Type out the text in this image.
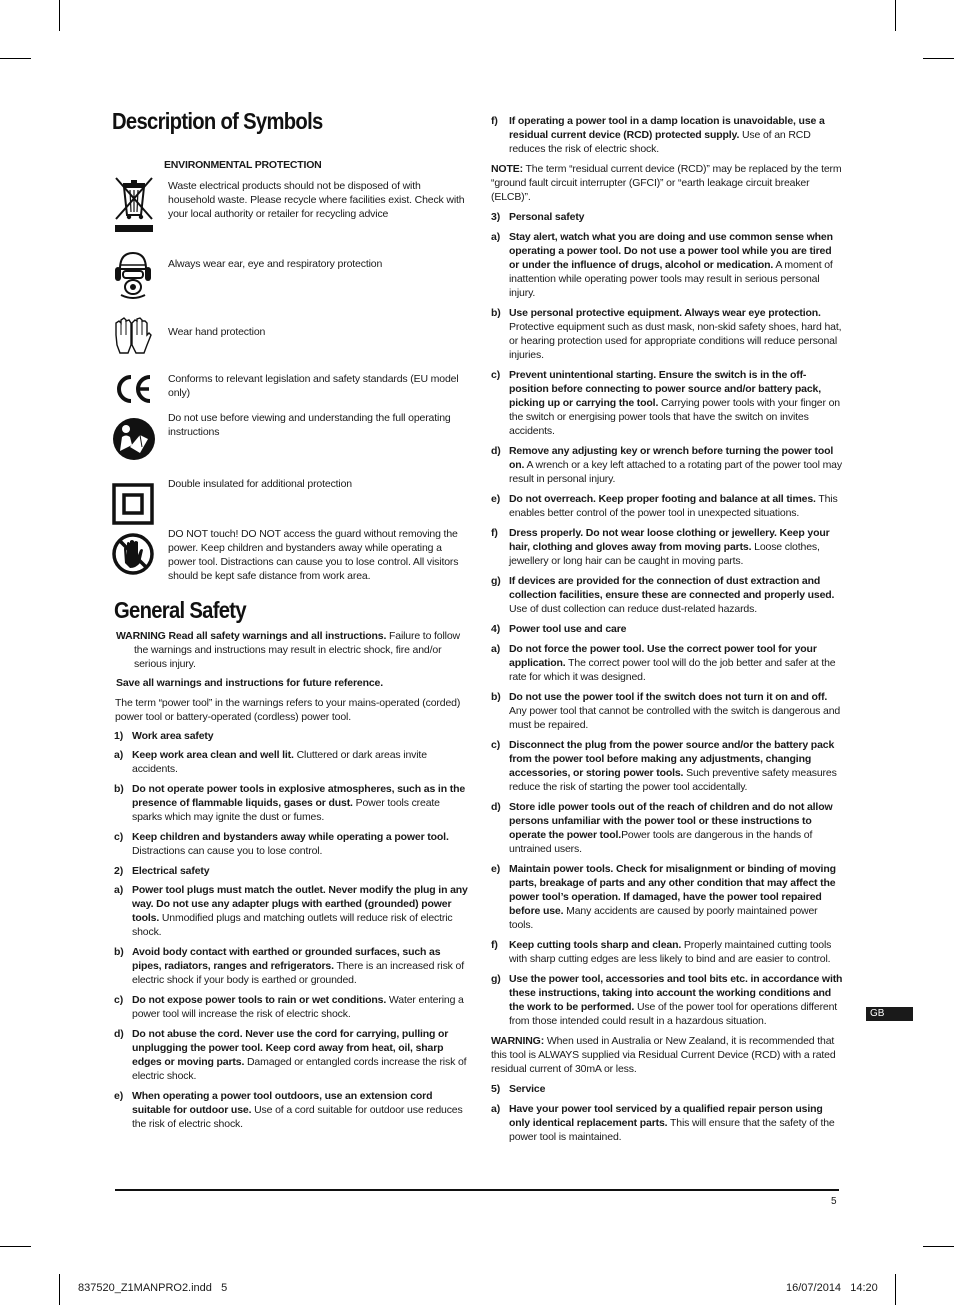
Description of Symbols
ENVIRONMENTAL PROTECTION
Waste electrical products should not be disposed of with household waste. Please recycle where facilities exist. Check with your local authority or retailer for recycling advice
Always wear ear, eye and respiratory protection
Wear hand protection
Conforms to relevant legislation and safety standards (EU model only)
Do not use before viewing and understanding the full operating instructions
Double insulated for additional protection
DO NOT touch! DO NOT access the guard without removing the power. Keep children and bystanders away while operating a power tool. Distractions can cause you to lose control. All visitors should be kept safe distance from work area.
General Safety

WARNING Read all safety warnings and all instructions. Failure to follow the warnings and instructions may result in electric shock, fire and/or serious injury.

Save all warnings and instructions for future reference.

The term “power tool” in the warnings refers to your mains-operated (corded) power tool or battery-operated (cordless) power tool.

1) Work area safety

a) Keep work area clean and well lit. Cluttered or dark areas invite accidents.

b) Do not operate power tools in explosive atmospheres, such as in the presence of flammable liquids, gases or dust. Power tools create sparks which may ignite the dust or fumes.

c) Keep children and bystanders away while operating a power tool. Distractions can cause you to lose control.

2) Electrical safety

a) Power tool plugs must match the outlet. Never modify the plug in any way. Do not use any adapter plugs with earthed (grounded) power tools. Unmodified plugs and matching outlets will reduce risk of electric shock.

b) Avoid body contact with earthed or grounded surfaces, such as pipes, radiators, ranges and refrigerators. There is an increased risk of electric shock if your body is earthed or grounded.

c) Do not expose power tools to rain or wet conditions. Water entering a power tool will increase the risk of electric shock.

d) Do not abuse the cord. Never use the cord for carrying, pulling or unplugging the power tool. Keep cord away from heat, oil, sharp edges or moving parts. Damaged or entangled cords increase the risk of electric shock.

e) When operating a power tool outdoors, use an extension cord suitable for outdoor use. Use of a cord suitable for outdoor use reduces the risk of electric shock.

f) If operating a power tool in a damp location is unavoidable, use a residual current device (RCD) protected supply. Use of an RCD reduces the risk of electric shock.

NOTE: The term “residual current device (RCD)” may be replaced by the term “ground fault circuit interrupter (GFCI)” or “earth leakage circuit breaker (ELCB)”.

3) Personal safety

a) Stay alert, watch what you are doing and use common sense when operating a power tool. Do not use a power tool while you are tired or under the influence of drugs, alcohol or medication. A moment of inattention while operating power tools may result in serious personal injury.

b) Use personal protective equipment. Always wear eye protection. Protective equipment such as dust mask, non-skid safety shoes, hard hat, or hearing protection used for appropriate conditions will reduce personal injuries.

c) Prevent unintentional starting. Ensure the switch is in the off-position before connecting to power source and/or battery pack, picking up or carrying the tool. Carrying power tools with your finger on the switch or energising power tools that have the switch on invites accidents.

d) Remove any adjusting key or wrench before turning the power tool on. A wrench or a key left attached to a rotating part of the power tool may result in personal injury.

e) Do not overreach. Keep proper footing and balance at all times. This enables better control of the power tool in unexpected situations.

f) Dress properly. Do not wear loose clothing or jewellery. Keep your hair, clothing and gloves away from moving parts. Loose clothes, jewellery or long hair can be caught in moving parts.

g) If devices are provided for the connection of dust extraction and collection facilities, ensure these are connected and properly used. Use of dust collection can reduce dust-related hazards.

4) Power tool use and care

a) Do not force the power tool. Use the correct power tool for your application. The correct power tool will do the job better and safer at the rate for which it was designed.

b) Do not use the power tool if the switch does not turn it on and off. Any power tool that cannot be controlled with the switch is dangerous and must be repaired.

c) Disconnect the plug from the power source and/or the battery pack from the power tool before making any adjustments, changing accessories, or storing power tools. Such preventive safety measures reduce the risk of starting the power tool accidentally.

d) Store idle power tools out of the reach of children and do not allow persons unfamiliar with the power tool or these instructions to operate the power tool.Power tools are dangerous in the hands of untrained users.

e) Maintain power tools. Check for misalignment or binding of moving parts, breakage of parts and any other condition that may affect the power tool’s operation. If damaged, have the power tool repaired before use. Many accidents are caused by poorly maintained power tools.

f) Keep cutting tools sharp and clean. Properly maintained cutting tools with sharp cutting edges are less likely to bind and are easier to control.

g) Use the power tool, accessories and tool bits etc. in accordance with these instructions, taking into account the working conditions and the work to be performed. Use of the power tool for operations different from those intended could result in a hazardous situation.

WARNING: When used in Australia or New Zealand, it is recommended that this tool is ALWAYS supplied via Residual Current Device (RCD) with a rated residual current of 30mA or less.

5) Service

a) Have your power tool serviced by a qualified repair person using only identical replacement parts. This will ensure that the safety of the power tool is maintained.

GB
5
837520_Z1MANPRO2.indd   5	16/07/2014   14:20
